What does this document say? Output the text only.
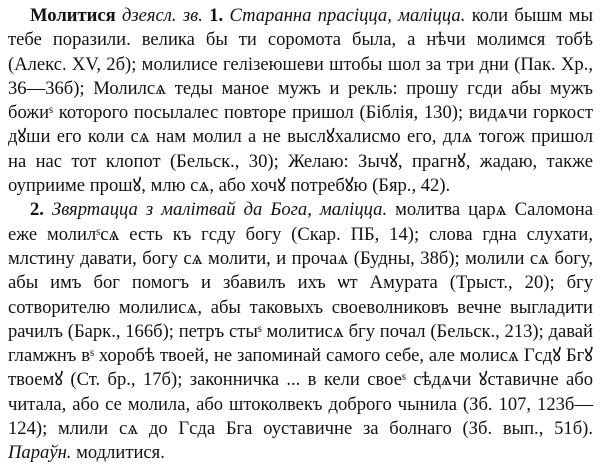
Молитися дзеясл. зв. 1. Старанна прасіцца, маліцца. коли бышм мы тебе поразили. велика бы ти соромота была, а нѣчи молимся тобѣ (Алекс. XV, 2б); молилисе гелізеюшеви штобы шол за три дни (Пак. Хр., 36—36б); Молилсѧ теды маное мужъ и рекль: прошу гсди абы мужъ божиˢ которого посылалес повторе пришол (Біблія, 130); видѧчи горкост дꙋши его коли сѧ нам молил а не выслꙋхалисмо его, длѧ тогож пришол на нас тот клопот (Бельск., 30); Желаю: Зычꙋ, прагнꙋ, жадаю, также оуприиме прошꙋ, млю сѧ, або хочꙋ потребꙋю (Бяр., 42).

2. Звяртацца з малітвай да Бога, маліцца. молитва царѧ Саломона еже молилˢсѧ есть къ гсду богу (Скар. ПБ, 14); слова гдна слухати, млстину давати, богу сѧ молити, и прочаѧ (Будны, 38б); молили сѧ богу, абы имъ бог помогъ и збавилъ ихъ ѡт Амурата (Трыст., 20); бгу сотворителю молилисѧ, абы таковыхъ своеволниковъ вечне выгладити рачилъ (Барк., 166б); петръ стыˢ молитисѧ бгу почал (Бельск., 213); давай гламжнъ вˢ хоробѣ твоей, не запоминай самого себе, але молисѧ Гсдꙋ Бгꙋ твоемꙋ (Ст. бр., 17б); законничка ... в кели своеˢ сѣдѧчи ꙋставичне або читала, або се молила, або штоколвекъ доброго чынила (Зб. 107, 123б—124); млили сѧ до Гсда Бга оуставичне за болнаго (Зб. вып., 51б). Параўн. модлитися.
